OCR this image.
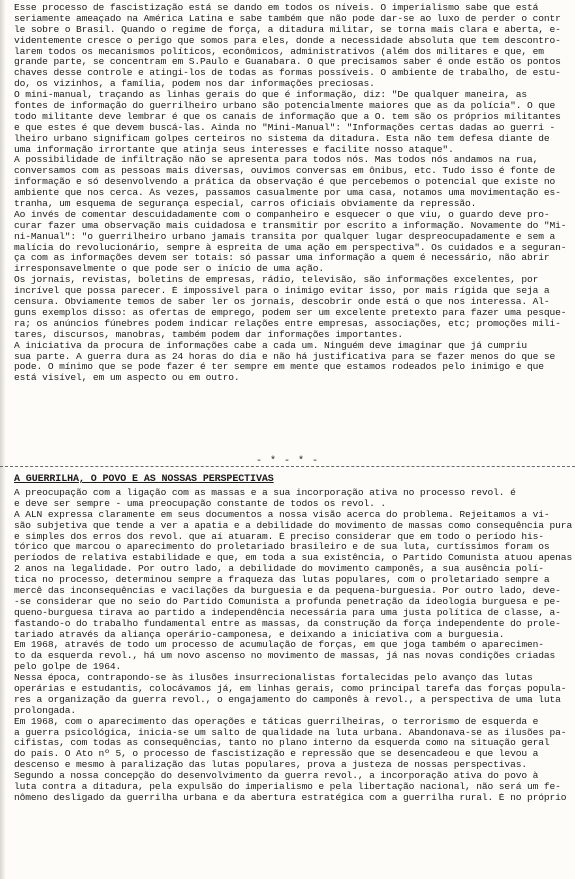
Esse processo de fascistização está se dando em todos os níveis. O imperialismo sabe que está
seriamente ameaçado na América Latina e sabe também que não pode dar-se ao luxo de perder o contr
le sobre o Brasil. Quando o regime de força, a ditadura militar, se torna mais clara e aberta, e-
videntemente cresce o perigo que somos para eles, donde a necessidade absoluta que tem descontro-
larem todos os mecanismos políticos, econômicos, administrativos (além dos militares e que, em
grande parte, se concentram em S.Paulo e Guanabara. O que precisamos saber é onde estão os pontos
chaves desse controle e atingi-los de todas as formas possíveis. O ambiente de trabalho, de estu-
do, os vizinhos, a família, podem nos dar informações preciosas.
O mini-manual, traçando as linhas gerais do que é informação, diz: "De qualquer maneira, as
fontes de informação do guerrilheiro urbano são potencialmente maiores que as da polícia". O que
todo militante deve lembrar é que os canais de informação que a O. tem são os próprios militantes
e que estes é que devem buscá-las. Ainda no "Mini-Manual": "Informações certas dadas ao guerri -
lheiro urbano significam golpes certeiros no sistema da ditadura. Esta não tem defesa diante de
uma informação irrortante que atinja seus interesses e facilite nosso ataque".
A possibilidade de infiltração não se apresenta para todos nós. Mas todos nós andamos na rua,
conversamos com as pessoas mais diversas, ouvimos conversas em ônibus, etc. Tudo isso é fonte de
informação e só desenvolvendo a prática da observação é que percebemos o potencial que existe no
ambiente que nos cerca. Às vezes, passamos casualmente por uma casa, notamos uma movimentação es-
tranha, um esquema de segurança especial, carros oficiais obviamente da repressão.
Ao invés de comentar descuidadamente com o companheiro e esquecer o que viu, o guardo deve pro-
curar fazer uma observação mais cuidadosa e transmitir por escrito a informação. Novamente do "Mi-
ni-Manual": "o guerrilheiro urbano jamais transita por qualquer lugar despreocupadamente e sem a
malícia do revolucionário, sempre à espreita de uma ação em perspectiva". Os cuidados e a seguran-
ça com as informações devem ser totais: só passar uma informação a quem é necessário, não abrir
irresponsavelmente o que pode ser o início de uma ação.
Os jornais, revistas, boletins de empresas, rádio, televisão, são informações excelentes, por
incrível que possa parecer. É impossível para o inimigo evitar isso, por mais rígida que seja a
censura. Obviamente temos de saber ler os jornais, descobrir onde está o que nos interessa. Al-
guns exemplos disso: as ofertas de emprego, podem ser um excelente pretexto para fazer uma pesque-
ra; os anúncios fúnebres podem indicar relações entre empresas, associações, etc; promoções mili-
tares, discursos, manobras, também podem dar informações importantes.
A iniciativa da procura de informações cabe a cada um. Ninguém deve imaginar que já cumpriu
sua parte. A guerra dura as 24 horas do dia e não há justificativa para se fazer menos do que se
pode. O mínimo que se pode fazer é ter sempre em mente que estamos rodeados pelo inimigo e que
está visível, em um aspecto ou em outro.
- * - * -
A GUERRILHA, O POVO E AS NOSSAS PERSPECTIVAS
A preocupação com a ligação com as massas e a sua incorporação ativa no processo revol. é
e deve ser sempre - uma preocupação constante de todos os revol. .
A ALN expressa claramente em seus documentos a nossa visão acerca do problema. Rejeitamos a vi-
são subjetiva que tende a ver a apatia e a debilidade do movimento de massas como consequência pura
e simples dos erros dos revol. que aí atuaram. É preciso considerar que em todo o período his-
tórico que marcou o aparecimento do proletariado brasileiro e de sua luta, curtíssimos foram os
períodos de relativa estabilidade e que, em toda a sua existência, o Partido Comunista atuou apenas
2 anos na legalidade. Por outro lado, a debilidade do movimento camponês, a sua ausência polí-
tica no processo, determinou sempre a fraqueza das lutas populares, com o proletariado sempre a
mercê das inconsequências e vacilações da burguesia e da pequena-burguesia. Por outro lado, deve-
-se considerar que no seio do Partido Comunista a profunda penetração da ideologia burguesa e pe-
queno-burguesa tirava ao partido a independência necessária para uma justa política de classe, a-
fastando-o do trabalho fundamental entre as massas, da construção da força independente do prole-
tariado através da aliança operário-camponesa, e deixando a iniciativa com a burguesia.
Em 1968, através de todo um processo de acumulação de forças, em que joga também o aparecimen-
to da esquerda revol., há um novo ascenso no movimento de massas, já nas novas condições criadas
pelo golpe de 1964.
Nessa época, contrapondo-se às ilusões insurrecionalistas fortalecidas pelo avanço das lutas
operárias e estudantis, colocávamos já, em linhas gerais, como principal tarefa das forças popula-
res a organização da guerra revol., o engajamento do camponês à revol., a perspectiva de uma luta
prolongada.
Em 1968, com o aparecimento das operações e táticas guerrilheiras, o terrorismo de esquerda e
a guerra psicológica, inicia-se um salto de qualidade na luta urbana. Abandonava-se as ilusões pa-
cifistas, com todas as consequências, tanto no plano interno da esquerda como na situação geral
do país. O Ato nº 5, o processo de fascistização e repressão que se desencadeou e que levou a
descenso e mesmo à paralização das lutas populares, prova a justeza de nossas perspectivas.
Segundo a nossa concepção do desenvolvimento da guerra revol., a incorporação ativa do povo à
luta contra a ditadura, pela expulsão do imperialismo e pela libertação nacional, não será um fe-
nômeno desligado da guerrilha urbana e da abertura estratégica com a guerrilha rural. É no próprio
